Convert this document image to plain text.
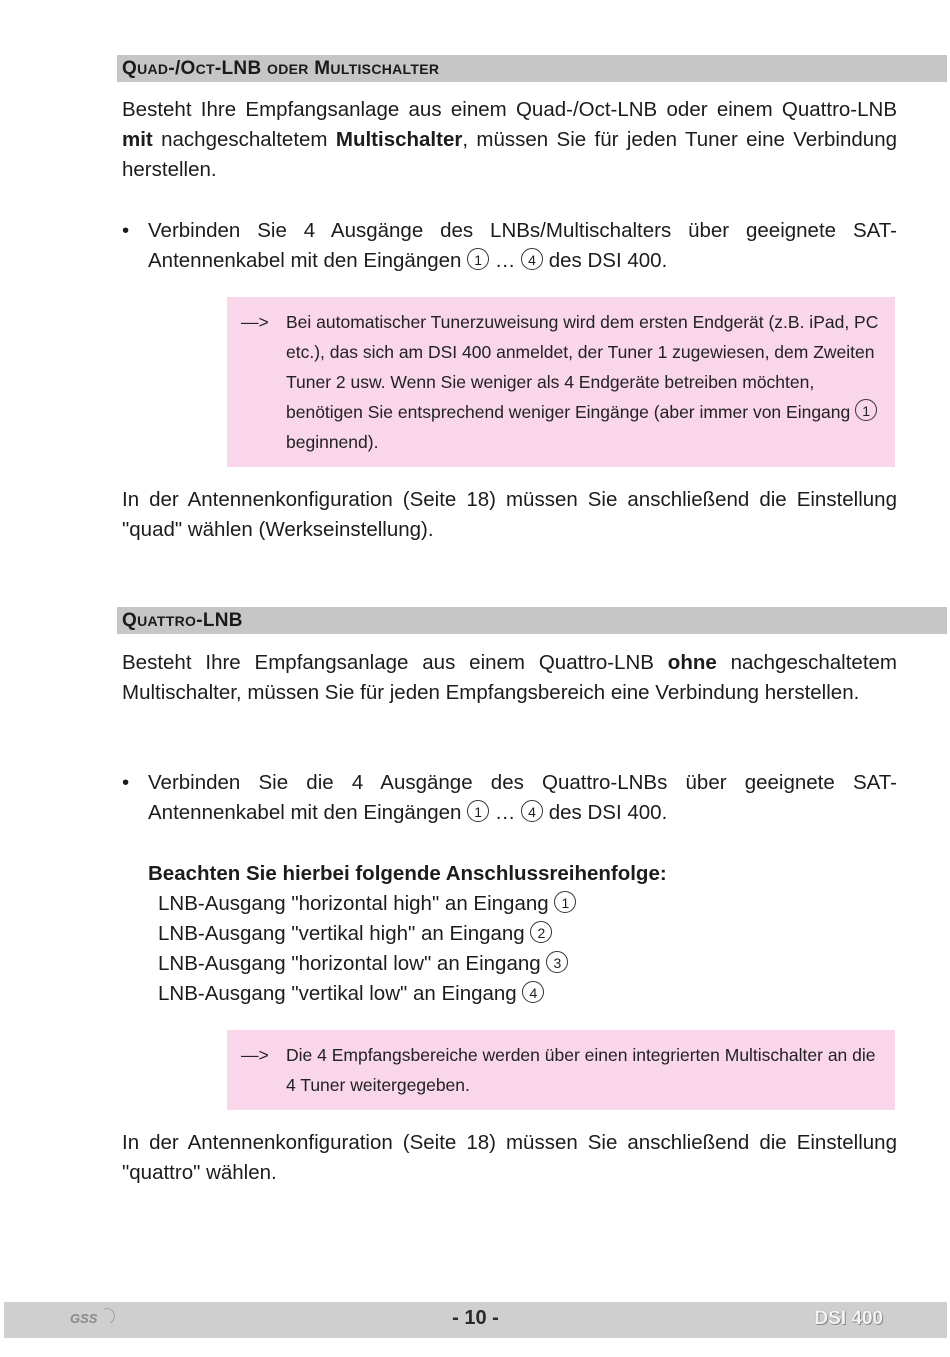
QUAD-/OCT-LNB ODER MULTISCHALTER

Besteht Ihre Empfangsanlage aus einem Quad-/Oct-LNB oder einem Quattro-LNB mit nachgeschaltetem Multischalter, müssen Sie für jeden Tuner eine Verbindung herstellen.

• Verbinden Sie 4 Ausgänge des LNBs/Multischalters über geeignete SAT-Antennenkabel mit den Eingängen 1 … 4 des DSI 400.
—> Bei automatischer Tunerzuweisung wird dem ersten Endgerät (z.B. iPad, PC etc.), das sich am DSI 400 anmeldet, der Tuner 1 zugewiesen, dem Zweiten Tuner 2 usw. Wenn Sie weniger als 4 Endgeräte betreiben möchten, benötigen Sie entsprechend weniger Eingänge (aber immer von Eingang 1 beginnend).

In der Antennenkonfiguration (Seite 18) müssen Sie anschließend die Einstellung "quad" wählen (Werkseinstellung).

QUATTRO-LNB

Besteht Ihre Empfangsanlage aus einem Quattro-LNB ohne nachgeschaltetem Multischalter, müssen Sie für jeden Empfangsbereich eine Verbindung herstellen.

• Verbinden Sie die 4 Ausgänge des Quattro-LNBs über geeignete SAT-Antennenkabel mit den Eingängen 1 … 4 des DSI 400.
Beachten Sie hierbei folgende Anschlussreihenfolge:
LNB-Ausgang "horizontal high" an Eingang 1
LNB-Ausgang "vertikal high" an Eingang 2
LNB-Ausgang "horizontal low" an Eingang 3
LNB-Ausgang "vertikal low" an Eingang 4
—> Die 4 Empfangsbereiche werden über einen integrierten Multischalter an die 4 Tuner weitergegeben.

In der Antennenkonfiguration (Seite 18) müssen Sie anschließend die Einstellung "quattro" wählen.

GSS	- 10 -	DSI 400
